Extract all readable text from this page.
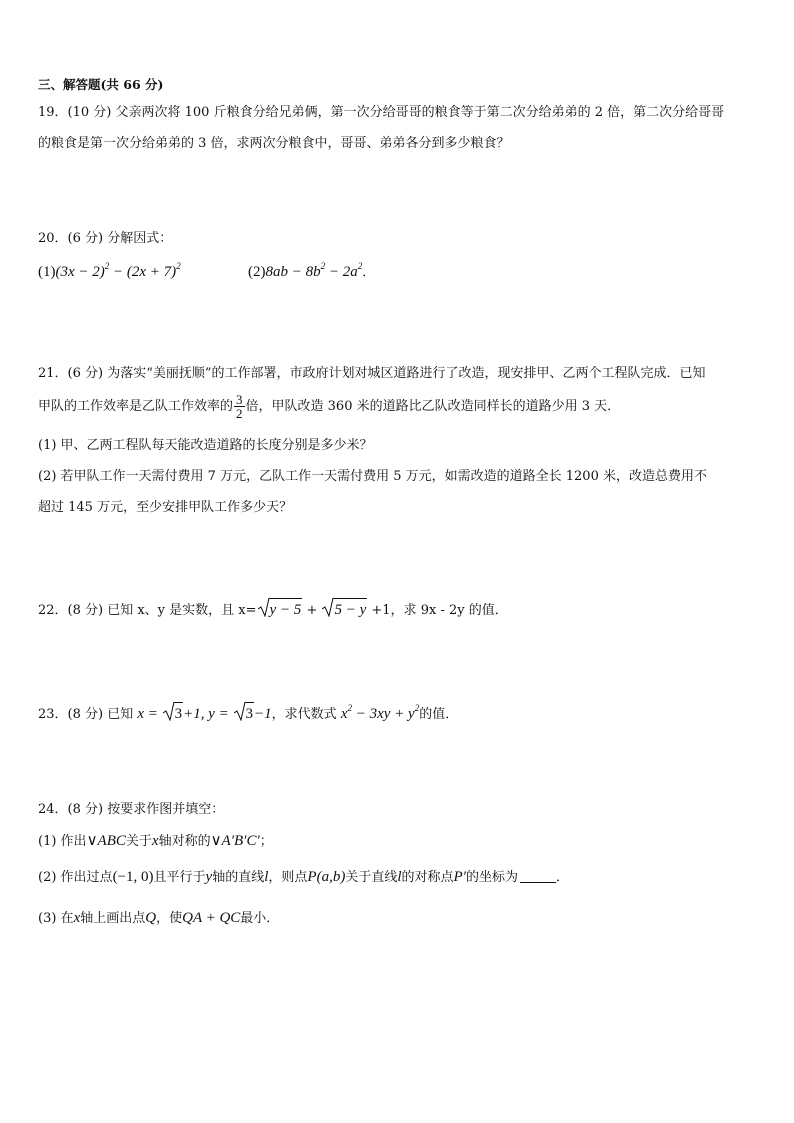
三、解答题(共 66 分)
19．(10 分) 父亲两次将 100 斤粮食分给兄弟俩，第一次分给哥哥的粮食等于第二次分给弟弟的 2 倍，第二次分给哥哥
的粮食是第一次分给弟弟的 3 倍，求两次分粮食中，哥哥、弟弟各分到多少粮食？
20．(6 分) 分解因式：
$(1)(3x - 2)^2 - (2x + 7)^2$	$(2)8ab - 8b^2 - 2a^2$．
21．(6 分) 为落实“美丽抚顺”的工作部署，市政府计划对城区道路进行了改造，现安排甲、乙两个工程队完成．已知
甲队的工作效率是乙队工作效率的 $\frac{3}{2}$ 倍，甲队改造 360 米的道路比乙队改造同样长的道路少用 3 天．
(1) 甲、乙两工程队每天能改造道路的长度分别是多少米？
(2) 若甲队工作一天需付费用 7 万元，乙队工作一天需付费用 5 万元，如需改造的道路全长 1200 米，改造总费用不
超过 145 万元，至少安排甲队工作多少天？
22．(8 分) 已知 x、y 是实数，且 x= y − 5 +
5 − y +1，求 9x - 2y 的值．
23．(8 分) 已知 x =
3+1, y =
3−1，求代数式 $x^2 - 3xy + y^2$的值．
24．(8 分) 按要求作图并填空：
(1) 作出∨ABC关于x轴对称的∨A′B′C′；
(2) 作出过点(−1, 0)且平行于y轴的直线l，则点P(a,b)关于直线l的对称点P′的坐标为	．
(3) 在x轴上画出点Q，使QA + QC最小．
